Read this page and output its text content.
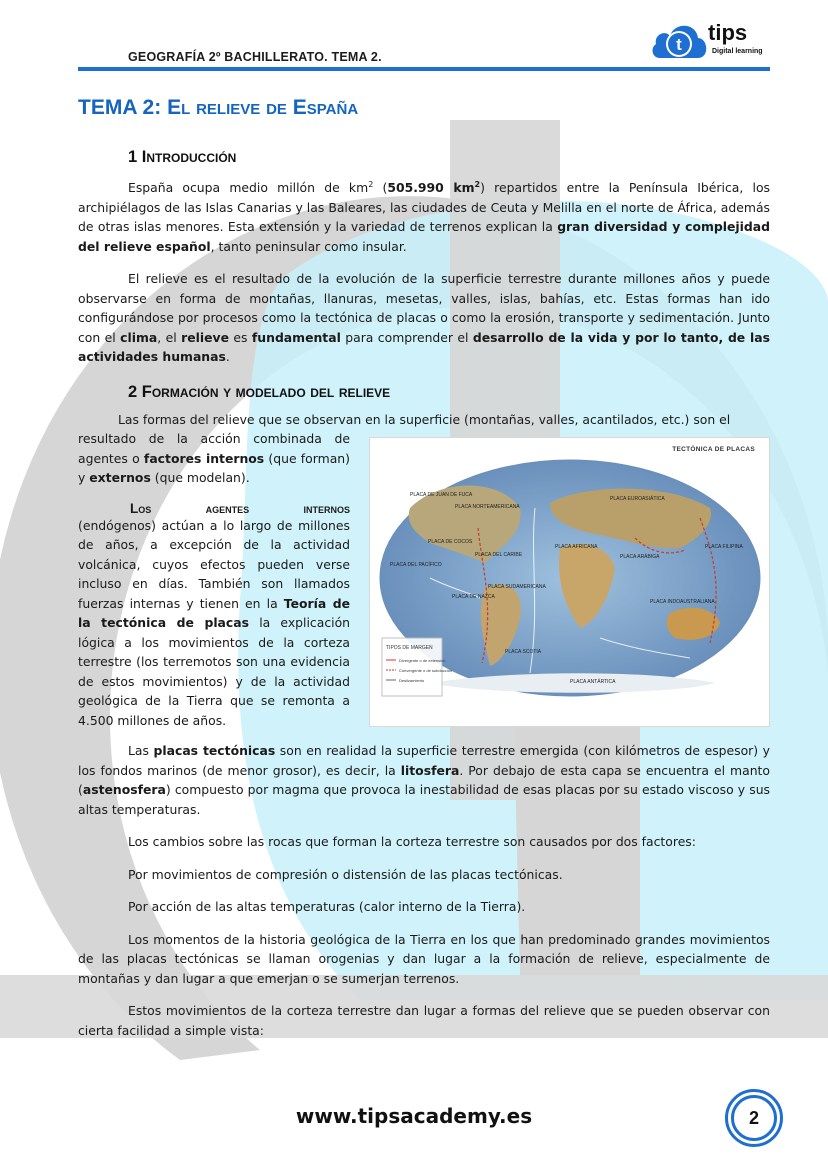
GEOGRAFÍA 2º BACHILLERATO. TEMA 2.
t tips
Digital learning
TEMA 2: El relieve de España
1 Introducción

España ocupa medio millón de $km^2$ (505.990 $km^2$) repartidos entre la Península Ibérica, los archipiélagos de las Islas Canarias y las Baleares, las ciudades de Ceuta y Melilla en el norte de África, además de otras islas menores. Esta extensión y la variedad de terrenos explican la gran diversidad y complejidad del relieve español, tanto peninsular como insular.

El relieve es el resultado de la evolución de la superficie terrestre durante millones años y puede observarse en forma de montañas, llanuras, mesetas, valles, islas, bahías, etc. Estas formas han ido configurándose por procesos como la tectónica de placas o como la erosión, transporte y sedimentación. Junto con el clima, el relieve es fundamental para comprender el desarrollo de la vida y por lo tanto, de las actividades humanas.

2 Formación y modelado del relieve

Las formas del relieve que se observan en la superficie (montañas, valles, acantilados, etc.) son el

resultado de la acción combinada de agentes o factores internos (que forman) y externos (que modelan).

Los	agentes	internos

(endógenos) actúan a lo largo de millones de años, a excepción de la actividad volcánica, cuyos efectos pueden verse incluso en días. También son llamados fuerzas internas y tienen en la Teoría de la tectónica de placas la explicación lógica a los movimientos de la corteza terrestre (los terremotos son una evidencia de estos movimientos) y de la actividad geológica de la Tierra que se remonta a 4.500 millones de años.

TECTÓNICA DE PLACAS
TIPOS DE MARGEN
Divergente o de extensión
Convergente o de subducción
Deslizamiento
PLACA NORTEAMERICANA
PLACA EUROASIÁTICA
PLACA DEL PACÍFICO
PLACA AFRICANA
PLACA ARÁBIGA
PLACA SUDAMERICANA
PLACA DE NAZCA
PLACA FILIPINA
PLACA INDOAUSTRALIANA
PLACA ANTÁRTICA
PLACA DE COCOS
PLACA DE JUAN DE FUCA
PLACA DEL CARIBE
PLACA SCOTIA

Las placas tectónicas son en realidad la superficie terrestre emergida (con kilómetros de espesor) y los fondos marinos (de menor grosor), es decir, la litosfera. Por debajo de esta capa se encuentra el manto (astenosfera) compuesto por magma que provoca la inestabilidad de esas placas por su estado viscoso y sus altas temperaturas.

Los cambios sobre las rocas que forman la corteza terrestre son causados por dos factores:

Por movimientos de compresión o distensión de las placas tectónicas.

Por acción de las altas temperaturas (calor interno de la Tierra).

Los momentos de la historia geológica de la Tierra en los que han predominado grandes movimientos de las placas tectónicas se llaman orogenias y dan lugar a la formación de relieve, especialmente de montañas y dan lugar a que emerjan o se sumerjan terrenos.

Estos movimientos de la corteza terrestre dan lugar a formas del relieve que se pueden observar con cierta facilidad a simple vista:

www.tipsacademy.es	2
